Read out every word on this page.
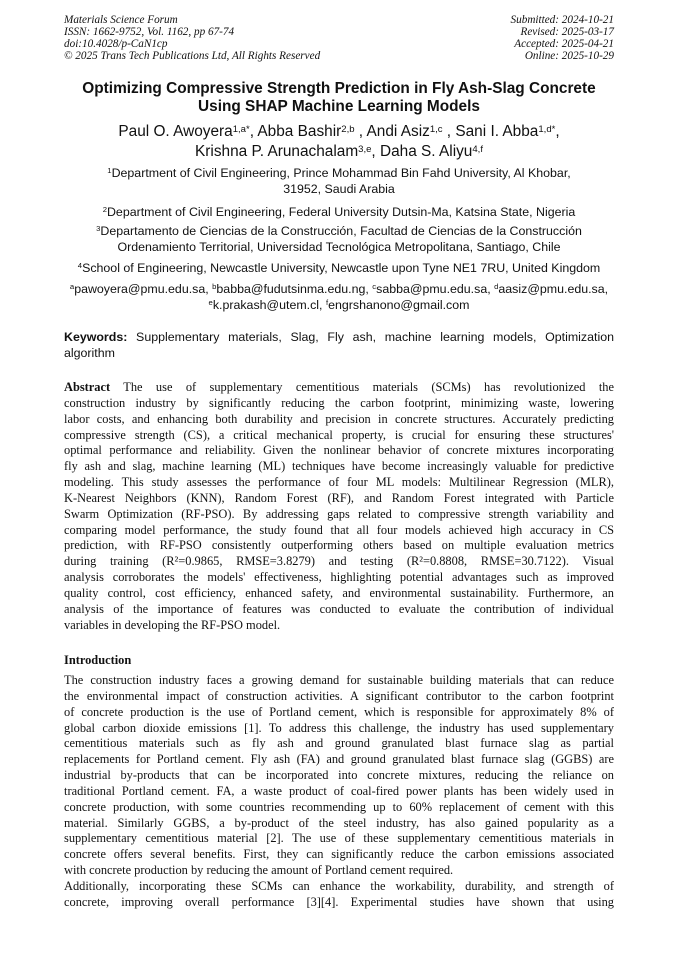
Materials Science Forum
ISSN: 1662-9752, Vol. 1162, pp 67-74
doi:10.4028/p-CaN1cp
© 2025 Trans Tech Publications Ltd, All Rights Reserved
Submitted: 2024-10-21
Revised: 2025-03-17
Accepted: 2025-04-21
Online: 2025-10-29
Optimizing Compressive Strength Prediction in Fly Ash-Slag Concrete
Using SHAP Machine Learning Models
Paul O. Awoyera$^{1,a*}$, Abba Bashir$^{2,b}$ , Andi Asiz$^{1,c}$ , Sani I. Abba$^{1,d*}$,
Krishna P. Arunachalam$^{3,e}$, Daha S. Aliyu$^{4,f}$
$^1$Department of Civil Engineering, Prince Mohammad Bin Fahd University, Al Khobar,
31952, Saudi Arabia
$^2$Department of Civil Engineering, Federal University Dutsin-Ma, Katsina State, Nigeria
$^3$Departamento de Ciencias de la Construcción, Facultad de Ciencias de la Construcción
Ordenamiento Territorial, Universidad Tecnológica Metropolitana, Santiago, Chile
$^4$School of Engineering, Newcastle University, Newcastle upon Tyne NE1 7RU, United Kingdom
$^a$pawoyera@pmu.edu.sa, $^b$babba@fudutsinma.edu.ng, $^c$sabba@pmu.edu.sa, $^d$aasiz@pmu.edu.sa,
$^e$k.prakash@utem.cl, $^f$engrshanono@gmail.com
Keywords: Supplementary materials, Slag, Fly ash, machine learning models, Optimization algorithm
Abstract The use of supplementary cementitious materials (SCMs) has revolutionized the
construction industry by significantly reducing the carbon footprint, minimizing waste, lowering
labor costs, and enhancing both durability and precision in concrete structures. Accurately predicting
compressive strength (CS), a critical mechanical property, is crucial for ensuring these structures'
optimal performance and reliability. Given the nonlinear behavior of concrete mixtures incorporating
fly ash and slag, machine learning (ML) techniques have become increasingly valuable for predictive
modeling. This study assesses the performance of four ML models: Multilinear Regression (MLR),
K-Nearest Neighbors (KNN), Random Forest (RF), and Random Forest integrated with Particle
Swarm Optimization (RF-PSO). By addressing gaps related to compressive strength variability and
comparing model performance, the study found that all four models achieved high accuracy in CS
prediction, with RF-PSO consistently outperforming others based on multiple evaluation metrics
during training (R²=0.9865, RMSE=3.8279) and testing (R²=0.8808, RMSE=30.7122). Visual
analysis corroborates the models' effectiveness, highlighting potential advantages such as improved
quality control, cost efficiency, enhanced safety, and environmental sustainability. Furthermore, an
analysis of the importance of features was conducted to evaluate the contribution of individual
variables in developing the RF-PSO model.
Introduction
The construction industry faces a growing demand for sustainable building materials that can reduce
the environmental impact of construction activities. A significant contributor to the carbon footprint
of concrete production is the use of Portland cement, which is responsible for approximately 8% of
global carbon dioxide emissions [1]. To address this challenge, the industry has used supplementary
cementitious materials such as fly ash and ground granulated blast furnace slag as partial
replacements for Portland cement. Fly ash (FA) and ground granulated blast furnace slag (GGBS) are
industrial by-products that can be incorporated into concrete mixtures, reducing the reliance on
traditional Portland cement. FA, a waste product of coal-fired power plants has been widely used in
concrete production, with some countries recommending up to 60% replacement of cement with this
material. Similarly GGBS, a by-product of the steel industry, has also gained popularity as a
supplementary cementitious material [2]. The use of these supplementary cementitious materials in
concrete offers several benefits. First, they can significantly reduce the carbon emissions associated
with concrete production by reducing the amount of Portland cement required.
Additionally, incorporating these SCMs can enhance the workability, durability, and strength of
concrete, improving overall performance [3][4]. Experimental studies have shown that using
